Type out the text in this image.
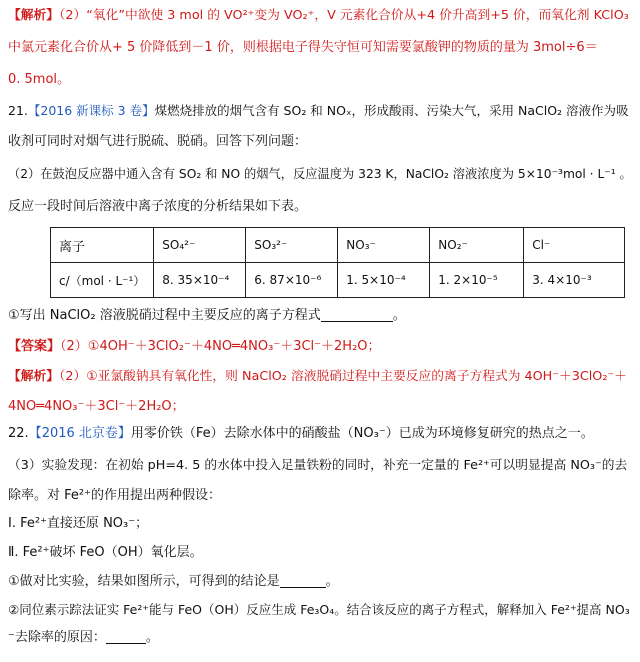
【解析】（2）“氧化”中欲使 3 mol 的 VO²⁺变为 VO₂⁺，V 元素化合价从+4 价升高到+5 价，而氧化剂 KClO₃
中氯元素化合价从+ 5 价降低到－1 价，则根据电子得失守恒可知需要氯酸钾的物质的量为 3mol÷6＝
0. 5mol。
21.【2016 新课标 3 卷】煤燃烧排放的烟气含有 SO₂ 和 NOₓ，形成酸雨、污染大气，采用 NaClO₂ 溶液作为吸
收剂可同时对烟气进行脱硫、脱硝。回答下列问题：
（2）在鼓泡反应器中通入含有 SO₂ 和 NO 的烟气，反应温度为 323 K，NaClO₂ 溶液浓度为 5×10⁻³mol · L⁻¹ 。
反应一段时间后溶液中离子浓度的分析结果如下表。
离子	SO₄²⁻	SO₃²⁻	NO₃⁻	NO₂⁻	Cl⁻
c/（mol · L⁻¹）	8. 35×10⁻⁴	6. 87×10⁻⁶	1. 5×10⁻⁴	1. 2×10⁻⁵	3. 4×10⁻³
①写出 NaClO₂ 溶液脱硝过程中主要反应的离子方程式	。
【答案】（2）①4OH⁻＋3ClO₂⁻＋4NO═4NO₃⁻＋3Cl⁻＋2H₂O；
【解析】（2）①亚氯酸钠具有氧化性，则 NaClO₂ 溶液脱硝过程中主要反应的离子方程式为 4OH⁻＋3ClO₂⁻＋
4NO═4NO₃⁻＋3Cl⁻＋2H₂O；
22.【2016 北京卷】用零价铁（Fe）去除水体中的硝酸盐（NO₃⁻）已成为环境修复研究的热点之一。
（3）实验发现：在初始 pH=4. 5 的水体中投入足量铁粉的同时，补充一定量的 Fe²⁺可以明显提高 NO₃⁻的去
除率。对 Fe²⁺的作用提出两种假设：
Ⅰ. Fe²⁺直接还原 NO₃⁻；
Ⅱ. Fe²⁺破坏 FeO（OH）氧化层。
①做对比实验，结果如图所示，可得到的结论是	。
②同位素示踪法证实 Fe²⁺能与 FeO（OH）反应生成 Fe₃O₄。结合该反应的离子方程式，解释加入 Fe²⁺提高 NO₃
⁻去除率的原因：	。
